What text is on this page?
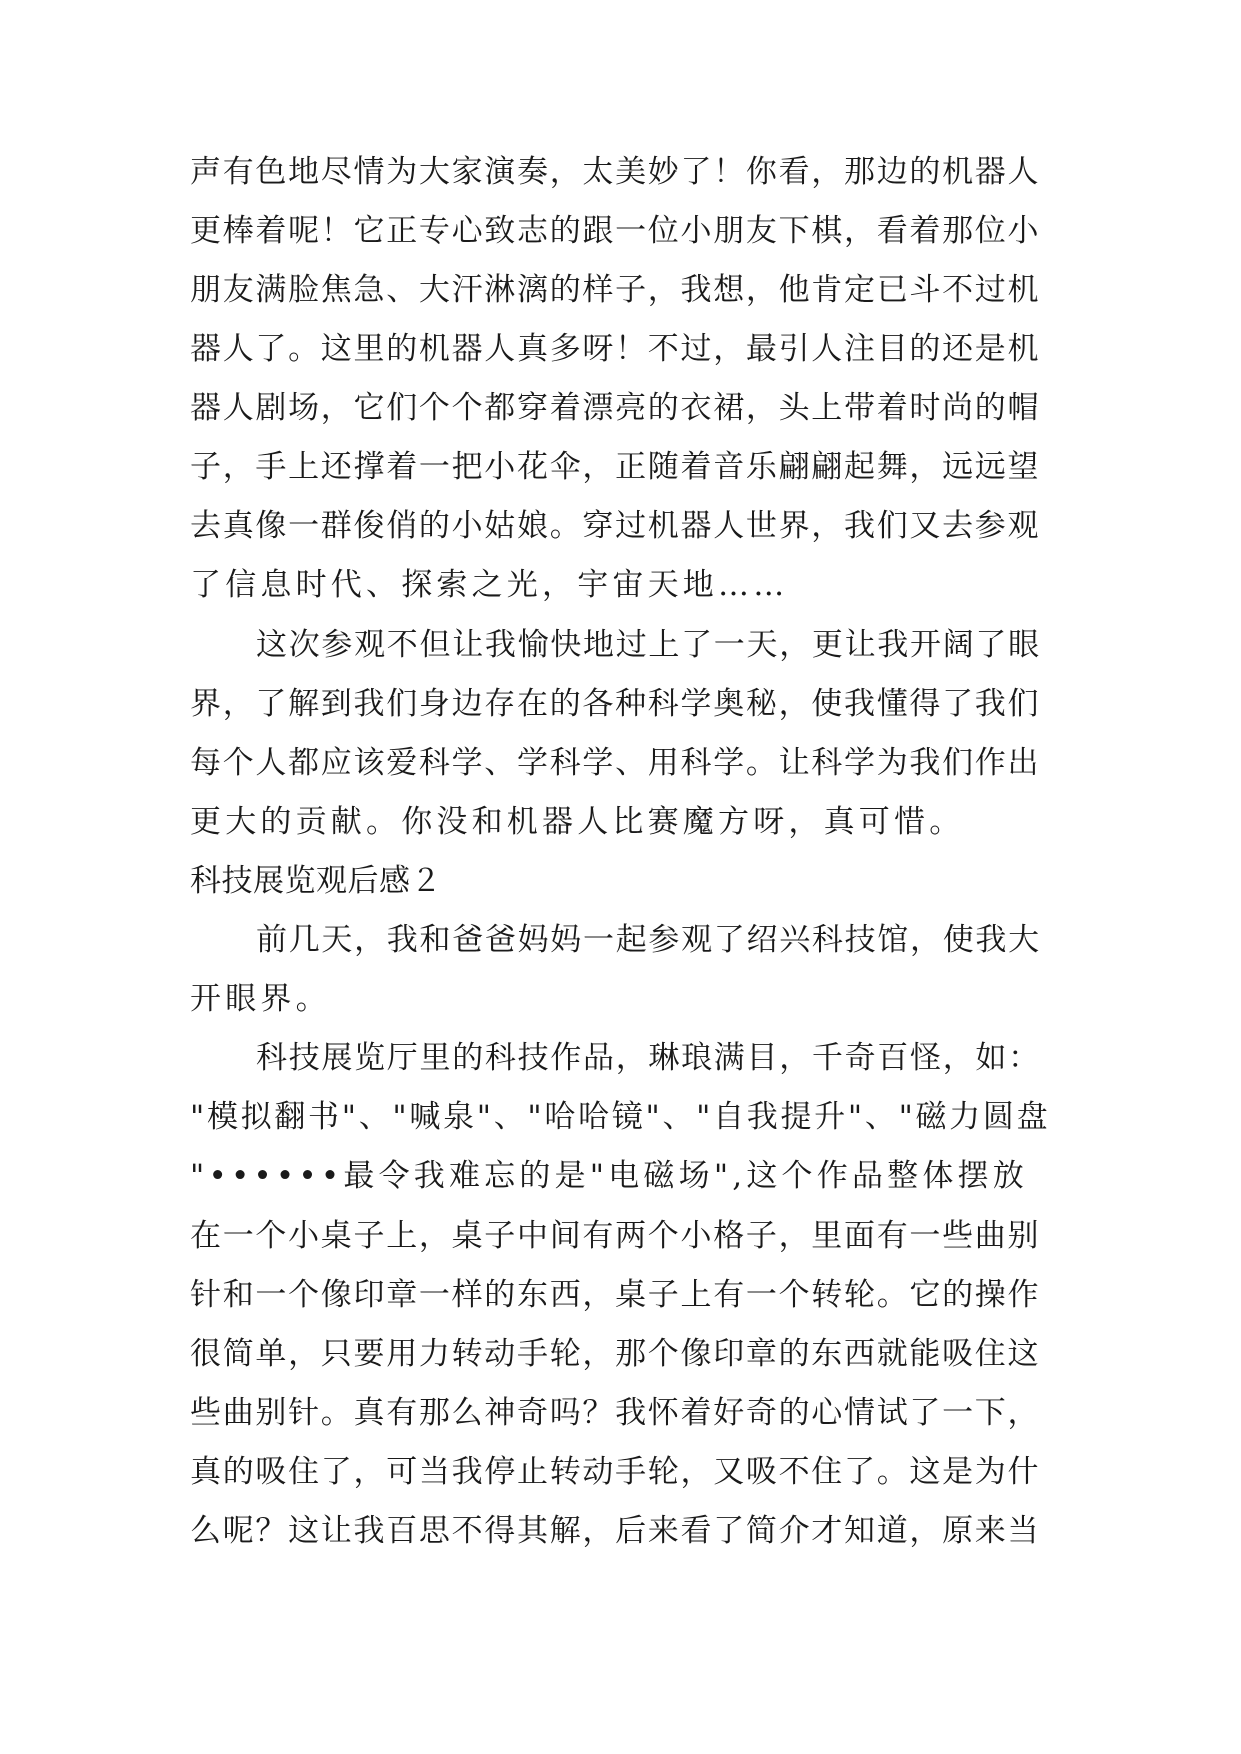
声有色地尽情为大家演奏，太美妙了！你看，那边的机器人
更棒着呢！它正专心致志的跟一位小朋友下棋，看着那位小
朋友满脸焦急、大汗淋漓的样子，我想，他肯定已斗不过机
器人了。这里的机器人真多呀！不过，最引人注目的还是机
器人剧场，它们个个都穿着漂亮的衣裙，头上带着时尚的帽
子，手上还撑着一把小花伞，正随着音乐翩翩起舞，远远望
去真像一群俊俏的小姑娘。穿过机器人世界，我们又去参观
了信息时代、探索之光，宇宙天地……
这次参观不但让我愉快地过上了一天，更让我开阔了眼
界，了解到我们身边存在的各种科学奥秘，使我懂得了我们
每个人都应该爱科学、学科学、用科学。让科学为我们作出
更大的贡献。你没和机器人比赛魔方呀，真可惜。
科技展览观后感２
前几天，我和爸爸妈妈一起参观了绍兴科技馆，使我大
开眼界。
科技展览厅里的科技作品，琳琅满目，千奇百怪，如：
"模拟翻书"、"喊泉"、"哈哈镜"、"自我提升"、"磁力圆盘
"••••••最令我难忘的是"电磁场",这个作品整体摆放
在一个小桌子上，桌子中间有两个小格子，里面有一些曲别
针和一个像印章一样的东西，桌子上有一个转轮。它的操作
很简单，只要用力转动手轮，那个像印章的东西就能吸住这
些曲别针。真有那么神奇吗？我怀着好奇的心情试了一下，
真的吸住了，可当我停止转动手轮，又吸不住了。这是为什
么呢？这让我百思不得其解，后来看了简介才知道，原来当
